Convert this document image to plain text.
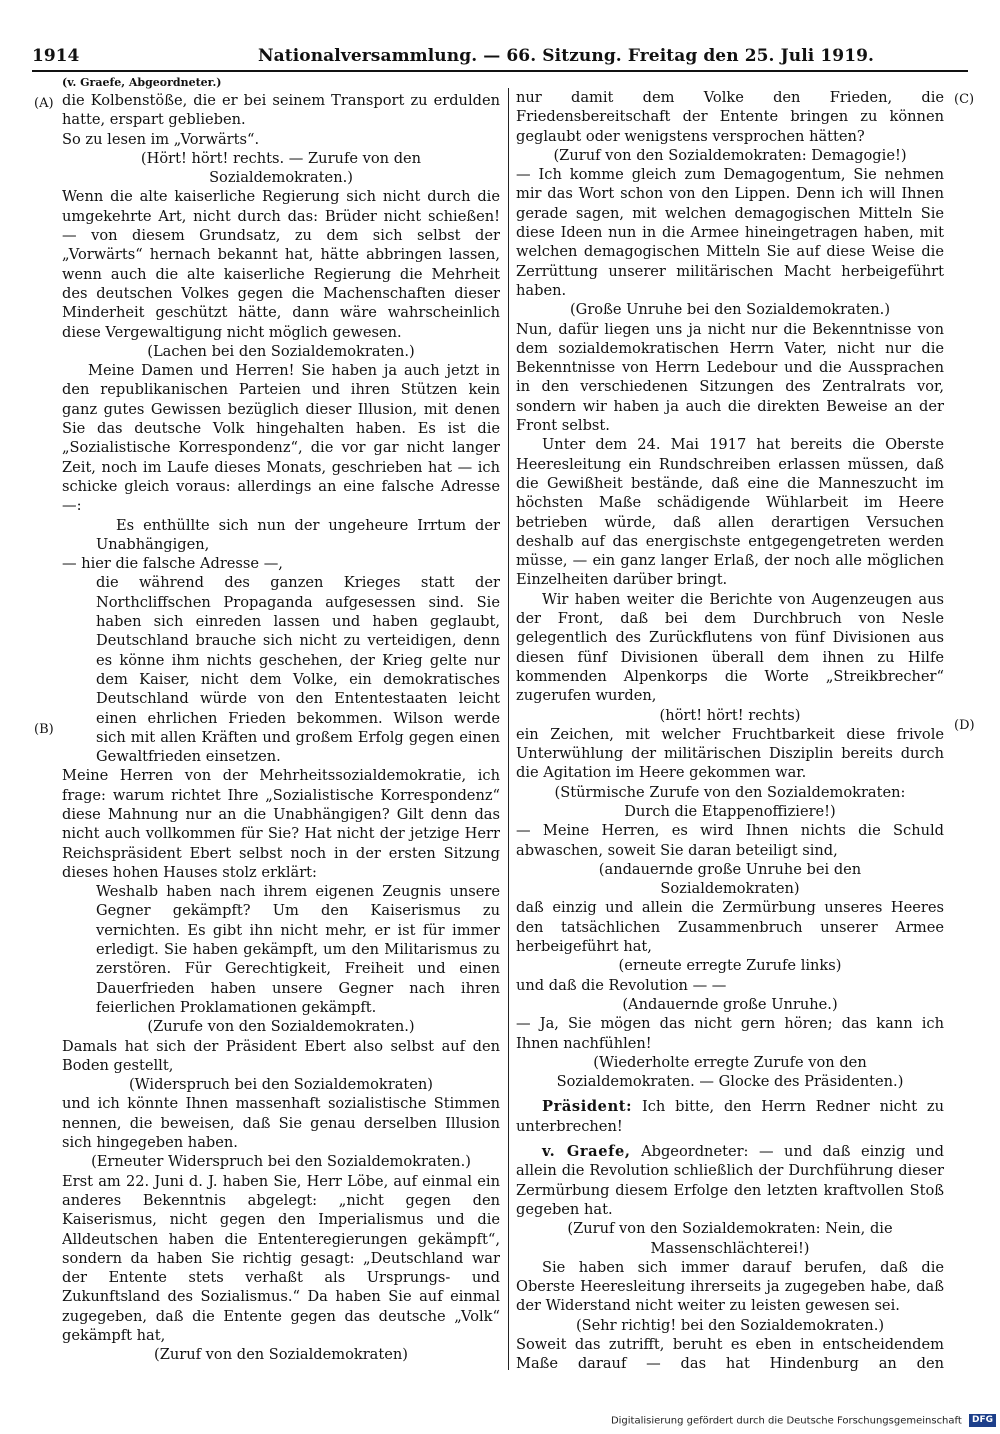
1914	Nationalversammlung. — 66. Sitzung. Freitag den 25. Juli 1919.
(A)
(B)
(C)
(D)

(v. Graefe, Abgeordneter.)

die Kolbenstöße, die er bei seinem Transport zu erdulden hatte, erspart geblieben.

So zu lesen im „Vorwärts“.

(Hört! hört! rechts. — Zurufe von den Sozialdemokraten.)

Wenn die alte kaiserliche Regierung sich nicht durch die umgekehrte Art, nicht durch das: Brüder nicht schießen! — von diesem Grundsatz, zu dem sich selbst der „Vorwärts“ hernach bekannt hat, hätte abbringen lassen, wenn auch die alte kaiserliche Regierung die Mehrheit des deutschen Volkes gegen die Machenschaften dieser Minderheit geschützt hätte, dann wäre wahrscheinlich diese Vergewaltigung nicht möglich gewesen.

(Lachen bei den Sozialdemokraten.)

Meine Damen und Herren! Sie haben ja auch jetzt in den republikanischen Parteien und ihren Stützen kein ganz gutes Gewissen bezüglich dieser Illusion, mit denen Sie das deutsche Volk hingehalten haben. Es ist die „Sozialistische Korrespondenz“, die vor gar nicht langer Zeit, noch im Laufe dieses Monats, geschrieben hat — ich schicke gleich voraus: allerdings an eine falsche Adresse —:

Es enthüllte sich nun der ungeheure Irrtum der Unabhängigen,

— hier die falsche Adresse —,

die während des ganzen Krieges statt der Northcliffschen Propaganda aufgesessen sind. Sie haben sich einreden lassen und haben geglaubt, Deutschland brauche sich nicht zu verteidigen, denn es könne ihm nichts geschehen, der Krieg gelte nur dem Kaiser, nicht dem Volke, ein demokratisches Deutschland würde von den Ententestaaten leicht einen ehrlichen Frieden bekommen. Wilson werde sich mit allen Kräften und großem Erfolg gegen einen Gewaltfrieden einsetzen.

Meine Herren von der Mehrheitssozialdemokratie, ich frage: warum richtet Ihre „Sozialistische Korrespondenz“ diese Mahnung nur an die Unabhängigen? Gilt denn das nicht auch vollkommen für Sie? Hat nicht der jetzige Herr Reichspräsident Ebert selbst noch in der ersten Sitzung dieses hohen Hauses stolz erklärt:

Weshalb haben nach ihrem eigenen Zeugnis unsere Gegner gekämpft? Um den Kaiserismus zu vernichten. Es gibt ihn nicht mehr, er ist für immer erledigt. Sie haben gekämpft, um den Militarismus zu zerstören. Für Gerechtigkeit, Freiheit und einen Dauerfrieden haben unsere Gegner nach ihren feierlichen Proklamationen gekämpft.

(Zurufe von den Sozialdemokraten.)

Damals hat sich der Präsident Ebert also selbst auf den Boden gestellt,

(Widerspruch bei den Sozialdemokraten)

und ich könnte Ihnen massenhaft sozialistische Stimmen nennen, die beweisen, daß Sie genau derselben Illusion sich hingegeben haben.

(Erneuter Widerspruch bei den Sozialdemokraten.)

Erst am 22. Juni d. J. haben Sie, Herr Löbe, auf einmal ein anderes Bekenntnis abgelegt: „nicht gegen den Kaiserismus, nicht gegen den Imperialismus und die Alldeutschen haben die Ententeregierungen gekämpft“, sondern da haben Sie richtig gesagt: „Deutschland war der Entente stets verhaßt als Ursprungs- und Zukunftsland des Sozialismus.“ Da haben Sie auf einmal zugegeben, daß die Entente gegen das deutsche „Volk“ gekämpft hat,

(Zuruf von den Sozialdemokraten)

nur damit dem Volke den Frieden, die Friedensbereitschaft der Entente bringen zu können geglaubt oder wenigstens versprochen hätten?

(Zuruf von den Sozialdemokraten: Demagogie!)

— Ich komme gleich zum Demagogentum, Sie nehmen mir das Wort schon von den Lippen. Denn ich will Ihnen gerade sagen, mit welchen demagogischen Mitteln Sie diese Ideen nun in die Armee hineingetragen haben, mit welchen demagogischen Mitteln Sie auf diese Weise die Zerrüttung unserer militärischen Macht herbeigeführt haben.

(Große Unruhe bei den Sozialdemokraten.)

Nun, dafür liegen uns ja nicht nur die Bekenntnisse von dem sozialdemokratischen Herrn Vater, nicht nur die Bekenntnisse von Herrn Ledebour und die Aussprachen in den verschiedenen Sitzungen des Zentralrats vor, sondern wir haben ja auch die direkten Beweise an der Front selbst.

Unter dem 24. Mai 1917 hat bereits die Oberste Heeresleitung ein Rundschreiben erlassen müssen, daß die Gewißheit bestände, daß eine die Manneszucht im höchsten Maße schädigende Wühlarbeit im Heere betrieben würde, daß allen derartigen Versuchen deshalb auf das energischste entgegengetreten werden müsse, — ein ganz langer Erlaß, der noch alle möglichen Einzelheiten darüber bringt.

Wir haben weiter die Berichte von Augenzeugen aus der Front, daß bei dem Durchbruch von Nesle gelegentlich des Zurückflutens von fünf Divisionen aus diesen fünf Divisionen überall dem ihnen zu Hilfe kommenden Alpenkorps die Worte „Streikbrecher“ zugerufen wurden,

(hört! hört! rechts)

ein Zeichen, mit welcher Fruchtbarkeit diese frivole Unterwühlung der militärischen Disziplin bereits durch die Agitation im Heere gekommen war.

(Stürmische Zurufe von den Sozialdemokraten: Durch die Etappenoffiziere!)

— Meine Herren, es wird Ihnen nichts die Schuld abwaschen, soweit Sie daran beteiligt sind,

(andauernde große Unruhe bei den Sozialdemokraten)

daß einzig und allein die Zermürbung unseres Heeres den tatsächlichen Zusammenbruch unserer Armee herbeigeführt hat,

(erneute erregte Zurufe links)

und daß die Revolution — —

(Andauernde große Unruhe.)

— Ja, Sie mögen das nicht gern hören; das kann ich Ihnen nachfühlen!

(Wiederholte erregte Zurufe von den Sozialdemokraten. — Glocke des Präsidenten.)

Präsident: Ich bitte, den Herrn Redner nicht zu unterbrechen!

v. Graefe, Abgeordneter: — und daß einzig und allein die Revolution schließlich der Durchführung dieser Zermürbung diesem Erfolge den letzten kraftvollen Stoß gegeben hat.

(Zuruf von den Sozialdemokraten: Nein, die Massenschlächterei!)

Sie haben sich immer darauf berufen, daß die Oberste Heeresleitung ihrerseits ja zugegeben habe, daß der Widerstand nicht weiter zu leisten gewesen sei.

(Sehr richtig! bei den Sozialdemokraten.)

Soweit das zutrifft, beruht es eben in entscheidendem Maße darauf — das hat Hindenburg an den

Digitalisierung gefördert durch die Deutsche Forschungsgemeinschaft DFG
